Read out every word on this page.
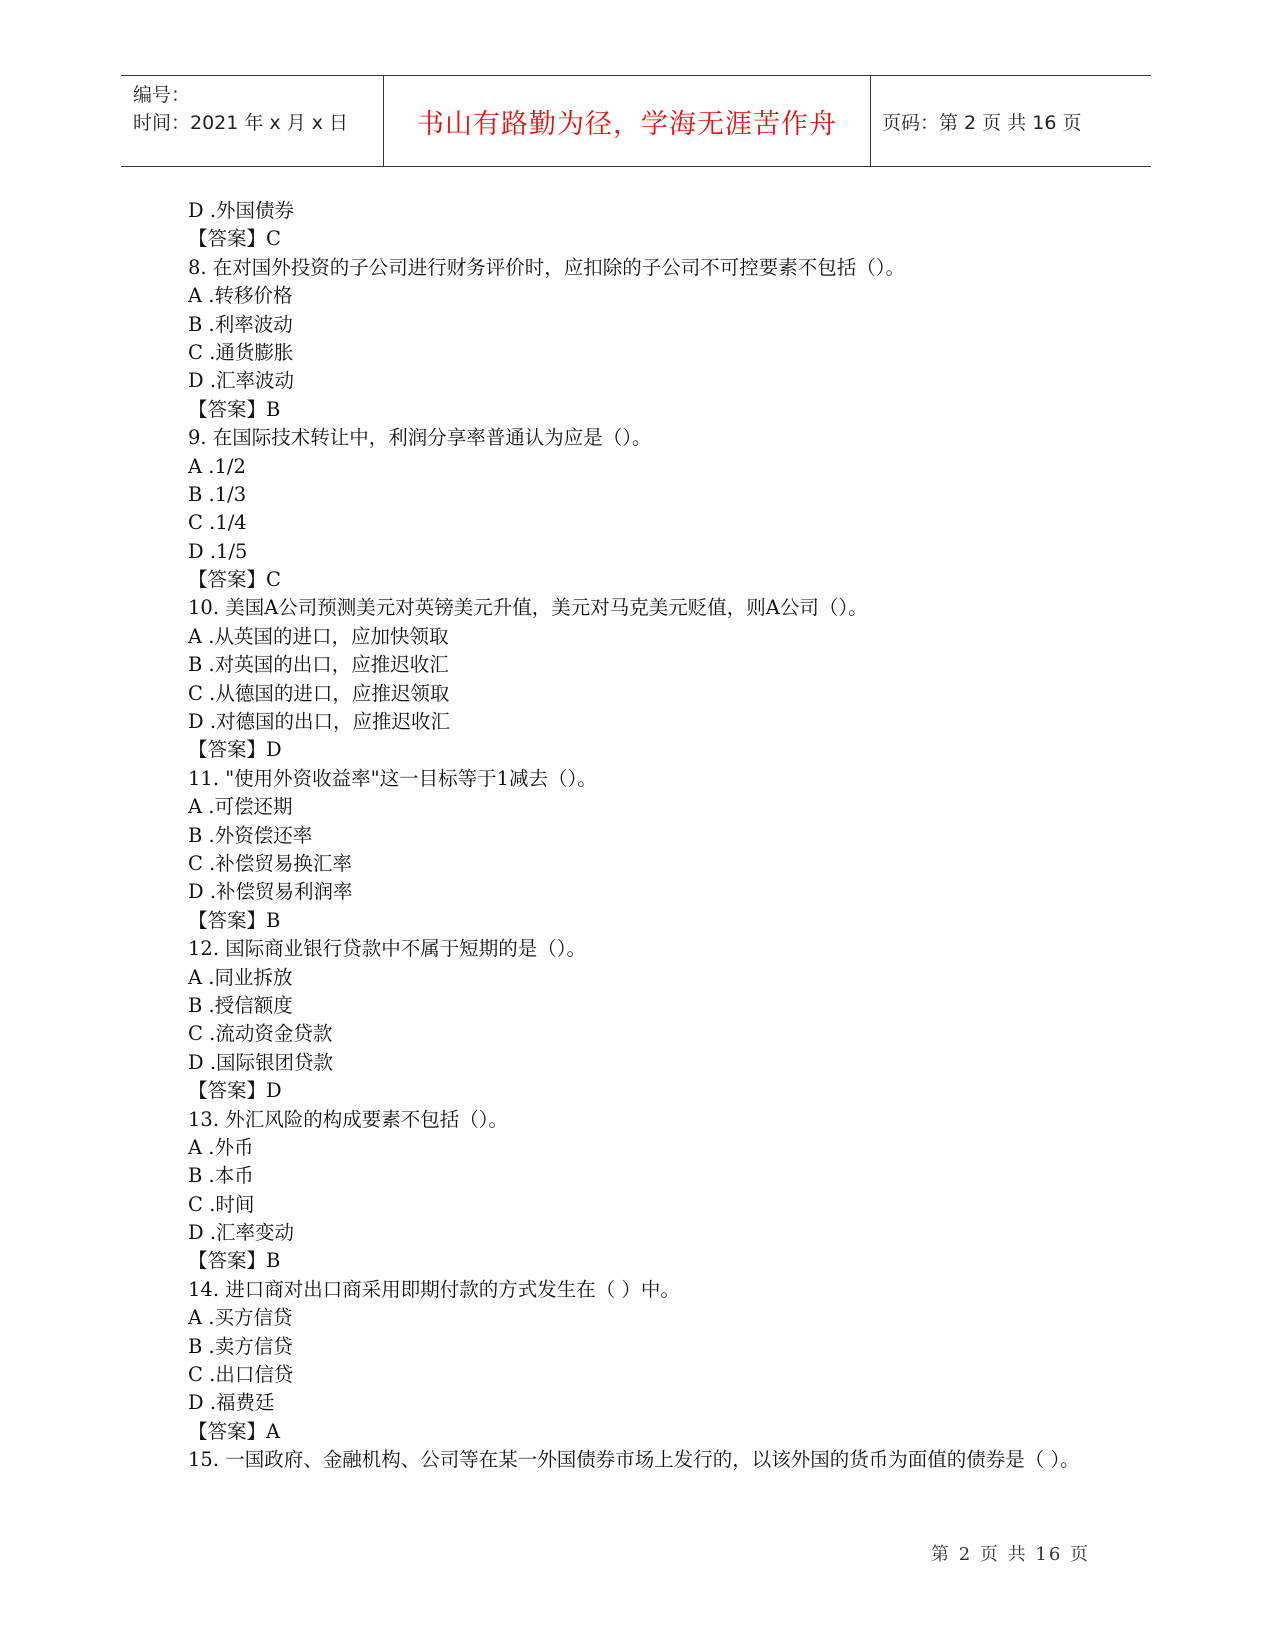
编号：
时间：2021 年 x 月 x 日	书山有路勤为径，学海无涯苦作舟 页码：第 2 页 共 16 页
D .外国债券
【答案】C
8. 在对国外投资的子公司进行财务评价时，应扣除的子公司不可控要素不包括（）。
A .转移价格
B .利率波动
C .通货膨胀
D .汇率波动
【答案】B
9. 在国际技术转让中，利润分享率普通认为应是（）。
A .1/2
B .1/3
C .1/4
D .1/5
【答案】C
10. 美国A公司预测美元对英镑美元升值，美元对马克美元贬值，则A公司（）。
A .从英国的进口，应加快领取
B .对英国的出口，应推迟收汇
C .从德国的进口，应推迟领取
D .对德国的出口，应推迟收汇
【答案】D
11. "使用外资收益率"这一目标等于1减去（）。
A .可偿还期
B .外资偿还率
C .补偿贸易换汇率
D .补偿贸易利润率
【答案】B
12. 国际商业银行贷款中不属于短期的是（）。
A .同业拆放
B .授信额度
C .流动资金贷款
D .国际银团贷款
【答案】D
13. 外汇风险的构成要素不包括（）。
A .外币
B .本币
C .时间
D .汇率变动
【答案】B
14. 进口商对出口商采用即期付款的方式发生在（ ）中。
A .买方信贷
B .卖方信贷
C .出口信贷
D .福费廷
【答案】A
15. 一国政府、金融机构、公司等在某一外国债券市场上发行的，以该外国的货币为面值的债券是（ ）。
第 2 页 共 16 页
